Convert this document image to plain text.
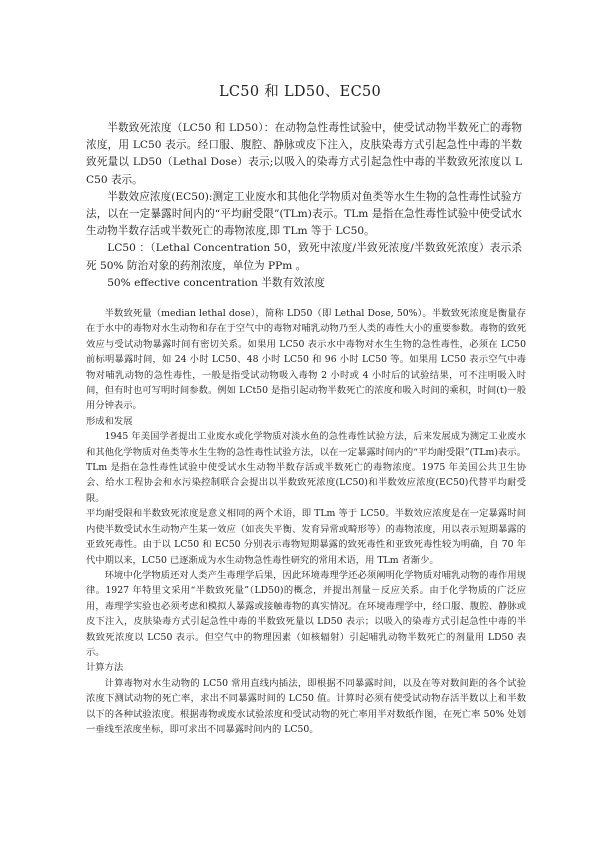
LC50 和 LD50、EC50

半数致死浓度（LC50 和 LD50）：在动物急性毒性试验中，使受试动物半数死亡的毒物浓度，用 LC50 表示。经口服、腹腔、静脉或皮下注入，皮肤染毒方式引起急性中毒的半数致死量以 LD50（Lethal Dose）表示;以吸入的染毒方式引起急性中毒的半数致死浓度以 LC50 表示。

半数效应浓度(EC50):测定工业废水和其他化学物质对鱼类等水生生物的急性毒性试验方法，以在一定暴露时间内的“平均耐受限”(TLm)表示。TLm 是指在急性毒性试验中使受试水生动物半数存活或半数死亡的毒物浓度,即 TLm 等于 LC50。

LC50 ：（Lethal Concentration 50，致死中浓度/半致死浓度/半数致死浓度）表示杀死 50% 防治对象的药剂浓度，单位为 PPm 。

50% effective concentration 半数有效浓度

半数致死量（median lethal dose），简称 LD50（即 Lethal Dose, 50%）。半数致死浓度是衡量存在于水中的毒物对水生动物和存在于空气中的毒物对哺乳动物乃至人类的毒性大小的重要参数。毒物的致死效应与受试动物暴露时间有密切关系。如果用 LC50 表示水中毒物对水生生物的急性毒性，必须在 LC50 前标明暴露时间，如 24 小时 LC50、48 小时 LC50 和 96 小时 LC50 等。如果用 LC50 表示空气中毒物对哺乳动物的急性毒性，一般是指受试动物吸入毒物 2 小时或 4 小时后的试验结果，可不注明吸入时间，但有时也可写明时间参数。例如 LCt50 是指引起动物半数死亡的浓度和吸入时间的乘积，时间(t)一般用分钟表示。

形成和发展

1945 年美国学者提出工业废水或化学物质对淡水鱼的急性毒性试验方法，后来发展成为测定工业废水和其他化学物质对鱼类等水生生物的急性毒性试验方法，以在一定暴露时间内的“平均耐受限”(TLm)表示。TLm 是指在急性毒性试验中使受试水生动物半数存活或半数死亡的毒物浓度。1975 年美国公共卫生协会、给水工程协会和水污染控制联合会提出以半数致死浓度(LC50)和半数效应浓度(EC50)代替平均耐受限。

平均耐受限和半数致死浓度是意义相同的两个术语，即 TLm 等于 LC50。半数效应浓度是在一定暴露时间内使半数受试水生动物产生某一效应（如丧失平衡、发育异常或畸形等）的毒物浓度，用以表示短期暴露的亚致死毒性。由于以 LC50 和 EC50 分别表示毒物短期暴露的致死毒性和亚致死毒性较为明确，自 70 年代中期以来，LC50 已逐渐成为水生动物急性毒性研究的常用术语，用 TLm 者渐少。

环境中化学物质还对人类产生毒理学后果，因此环境毒理学还必须阐明化学物质对哺乳动物的毒作用规律。1927 年特里文采用“半数致死量”（LD50)的概念，并提出剂量－反应关系。由于化学物质的广泛应用，毒理学实验也必须考虑和模拟人暴露或接触毒物的真实情况。在环境毒理学中，经口服、腹腔、静脉或皮下注入，皮肤染毒方式引起急性中毒的半数致死量以 LD50 表示；以吸入的染毒方式引起急性中毒的半数致死浓度以 LC50 表示。但空气中的物理因素（如核辐射）引起哺乳动物半数死亡的剂量用 LD50 表示。

计算方法

计算毒物对水生动物的 LC50 常用直线内插法，即根据不同暴露时间，以及在等对数间距的各个试验浓度下测试动物的死亡率，求出不同暴露时间的 LC50 值。计算时必须有使受试动物存活半数以上和半数以下的各种试验浓度。根据毒物或废水试验浓度和受试动物的死亡率用半对数纸作图，在死亡率 50% 处划一垂线至浓度坐标，即可求出不同暴露时间内的 LC50。
